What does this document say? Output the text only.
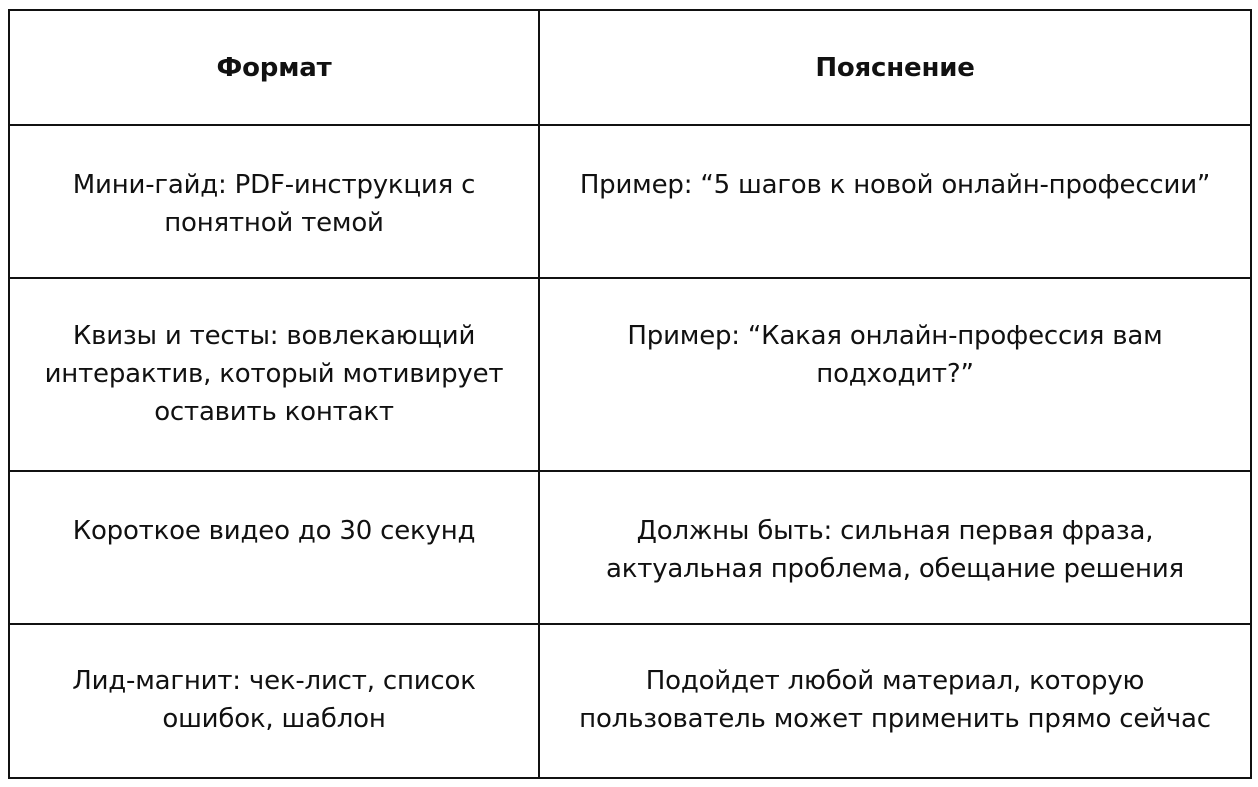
Формат	Пояснение

Мини-гайд: PDF-инструкция с понятной темой	Пример: “5 шагов к новой онлайн-профессии”

Квизы и тесты: вовлекающий интерактив, который мотивирует оставить контакт	Пример: “Какая онлайн-профессия вам подходит?”

Короткое видео до 30 секунд	Должны быть: сильная первая фраза, актуальная проблема, обещание решения

Лид-магнит: чек-лист, список ошибок, шаблон	Подойдет любой материал, которую пользователь может применить прямо сейчас
